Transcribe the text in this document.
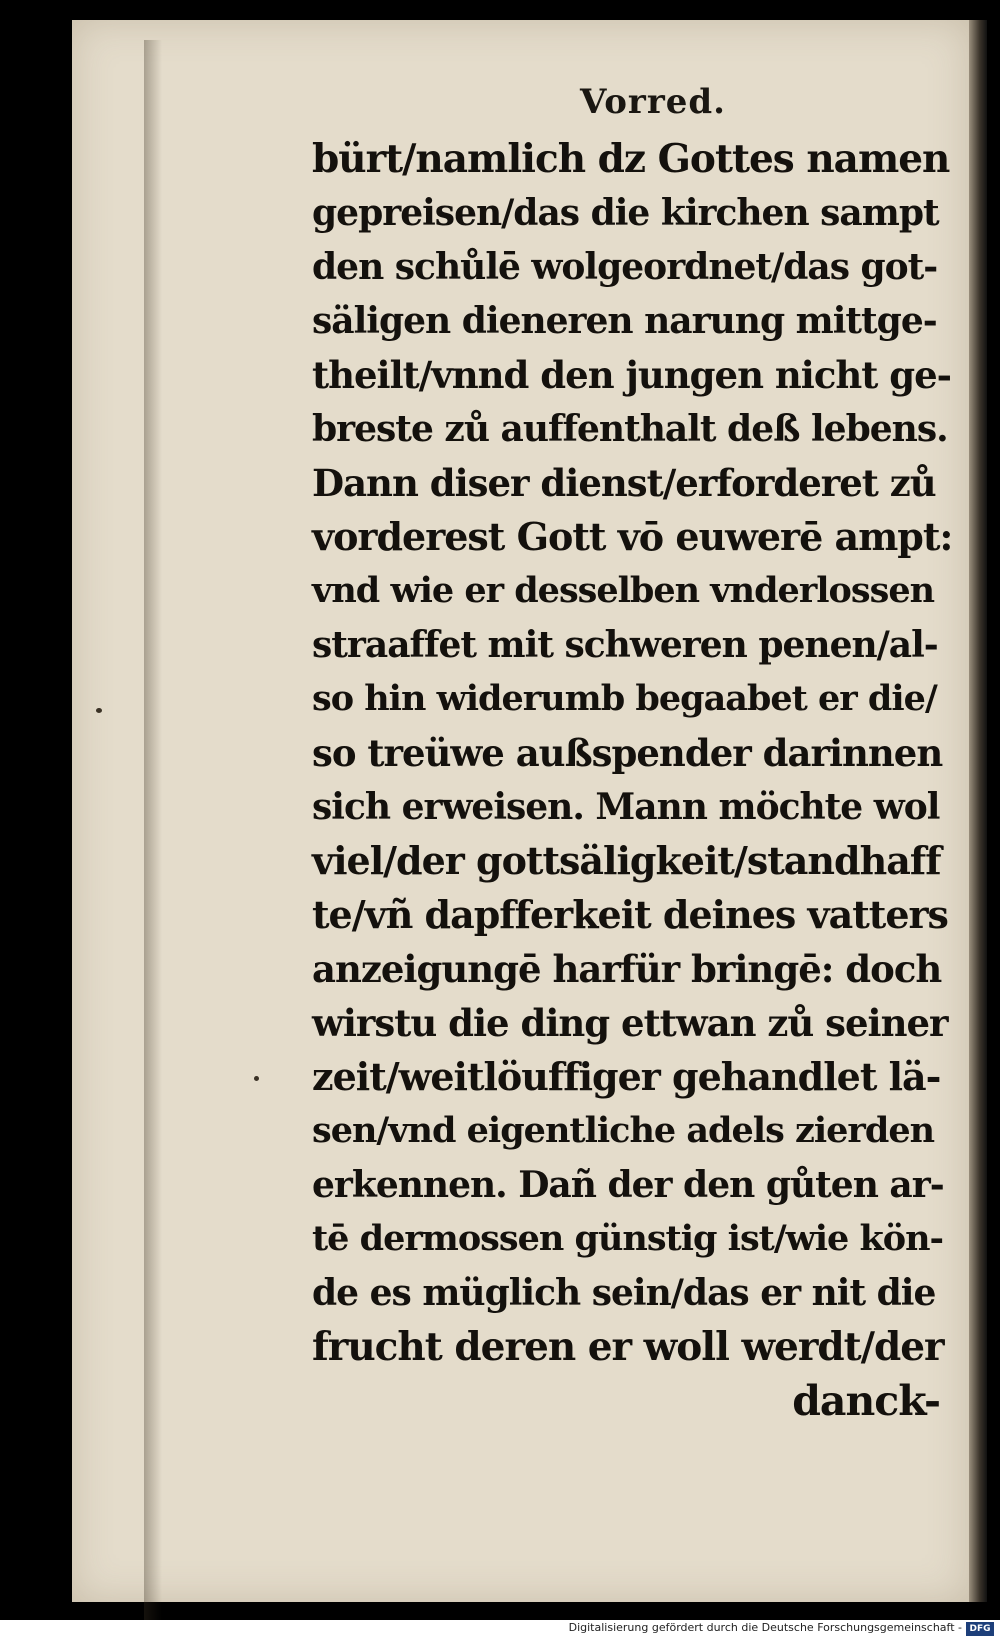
Vorred.
bürt/namlich dz Gottes namen
gepreisen/das die kirchen sampt
den schůlē wolgeordnet/das got-
säligen dieneren narung mittge-
theilt/vnnd den jungen nicht ge-
breste zů auffenthalt deß lebens.
Dann diser dienst/erforderet zů
vorderest Gott vō euwerē ampt:
vnd wie er desselben vnderlossen
straaffet mit schweren penen/al-
so hin widerumb begaabet er die/
so treüwe außspender darinnen
sich erweisen. Mann möchte wol
viel/der gottsäligkeit/standhaff
te/vñ dapfferkeit deines vatters
anzeigungē harfür bringē: doch
wirstu die ding ettwan zů seiner
zeit/weitlöuffiger gehandlet lä-
sen/vnd eigentliche adels zierden
erkennen. Dañ der den gůten ar-
tē dermossen günstig ist/wie kön-
de es müglich sein/das er nit die
frucht deren er woll werdt/der
danck-
Digitalisierung gefördert durch die Deutsche Forschungsgemeinschaft - DFG
